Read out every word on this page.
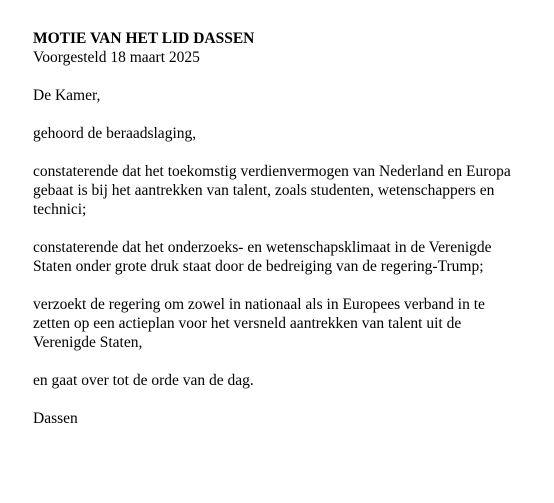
MOTIE VAN HET LID DASSEN
Voorgesteld 18 maart 2025
De Kamer,
gehoord de beraadslaging,
constaterende dat het toekomstig verdienvermogen van Nederland en Europa
gebaat is bij het aantrekken van talent, zoals studenten, wetenschappers en
technici;
constaterende dat het onderzoeks- en wetenschapsklimaat in de Verenigde
Staten onder grote druk staat door de bedreiging van de regering-Trump;
verzoekt de regering om zowel in nationaal als in Europees verband in te
zetten op een actieplan voor het versneld aantrekken van talent uit de
Verenigde Staten,
en gaat over tot de orde van de dag.
Dassen
